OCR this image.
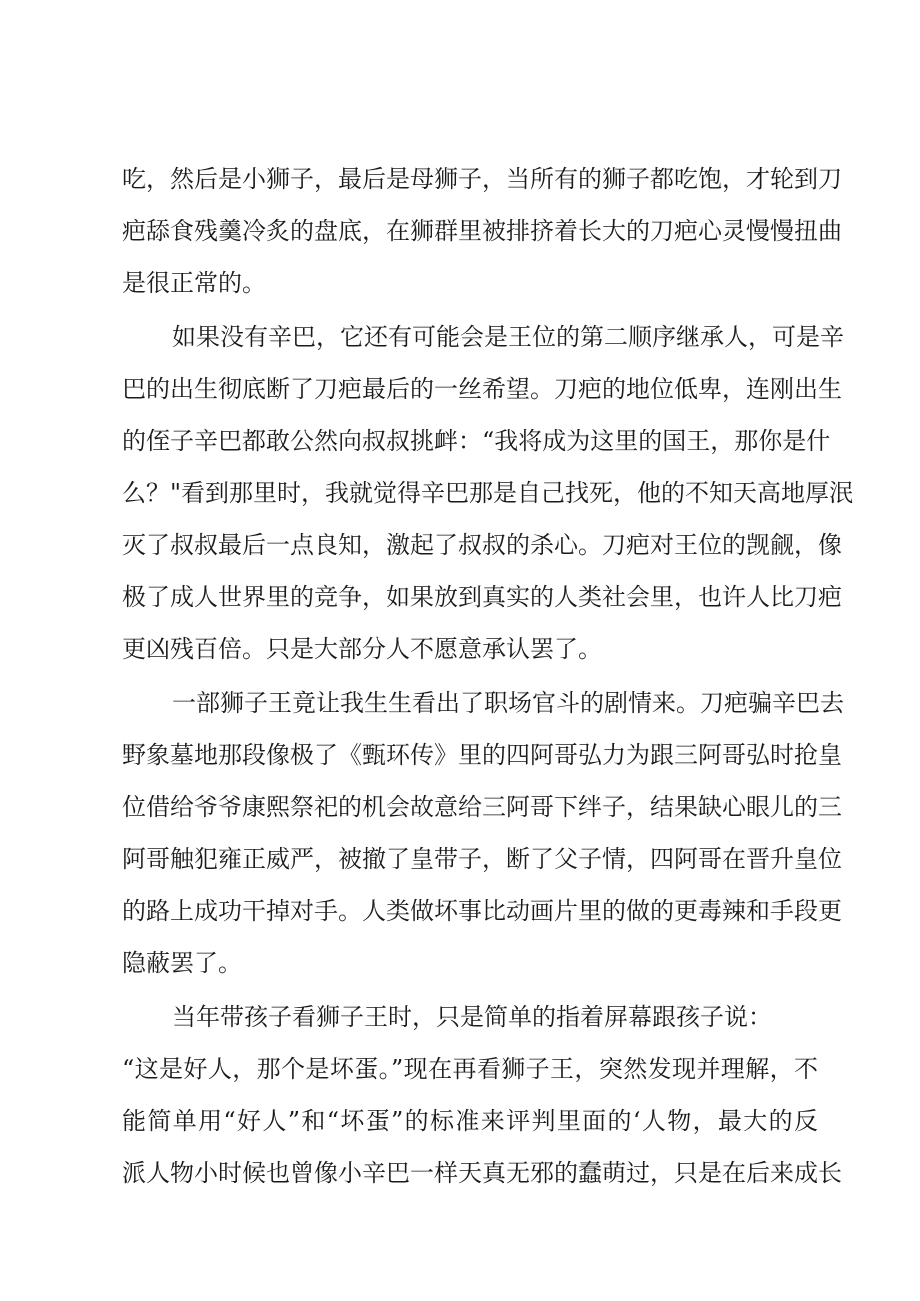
吃，然后是小狮子，最后是母狮子，当所有的狮子都吃饱，才轮到刀
疤舔食残羹冷炙的盘底，在狮群里被排挤着长大的刀疤心灵慢慢扭曲
是很正常的。
如果没有辛巴，它还有可能会是王位的第二顺序继承人，可是辛
巴的出生彻底断了刀疤最后的一丝希望。刀疤的地位低卑，连刚出生
的侄子辛巴都敢公然向叔叔挑衅：“我将成为这里的国王，那你是什
么？"看到那里时，我就觉得辛巴那是自己找死，他的不知天高地厚泯
灭了叔叔最后一点良知，激起了叔叔的杀心。刀疤对王位的觊觎，像
极了成人世界里的竞争，如果放到真实的人类社会里，也许人比刀疤
更凶残百倍。只是大部分人不愿意承认罢了。
一部狮子王竟让我生生看出了职场官斗的剧情来。刀疤骗辛巴去
野象墓地那段像极了《甄环传》里的四阿哥弘力为跟三阿哥弘时抢皇
位借给爷爷康熙祭祀的机会故意给三阿哥下绊子，结果缺心眼儿的三
阿哥触犯雍正威严，被撤了皇带子，断了父子情，四阿哥在晋升皇位
的路上成功干掉对手。人类做坏事比动画片里的做的更毒辣和手段更
隐蔽罢了。
当年带孩子看狮子王时，只是简单的指着屏幕跟孩子说：
“这是好人，那个是坏蛋。”现在再看狮子王，突然发现并理解，不
能简单用“好人”和“坏蛋”的标准来评判里面的‘人物，最大的反
派人物小时候也曾像小辛巴一样天真无邪的蠢萌过，只是在后来成长
